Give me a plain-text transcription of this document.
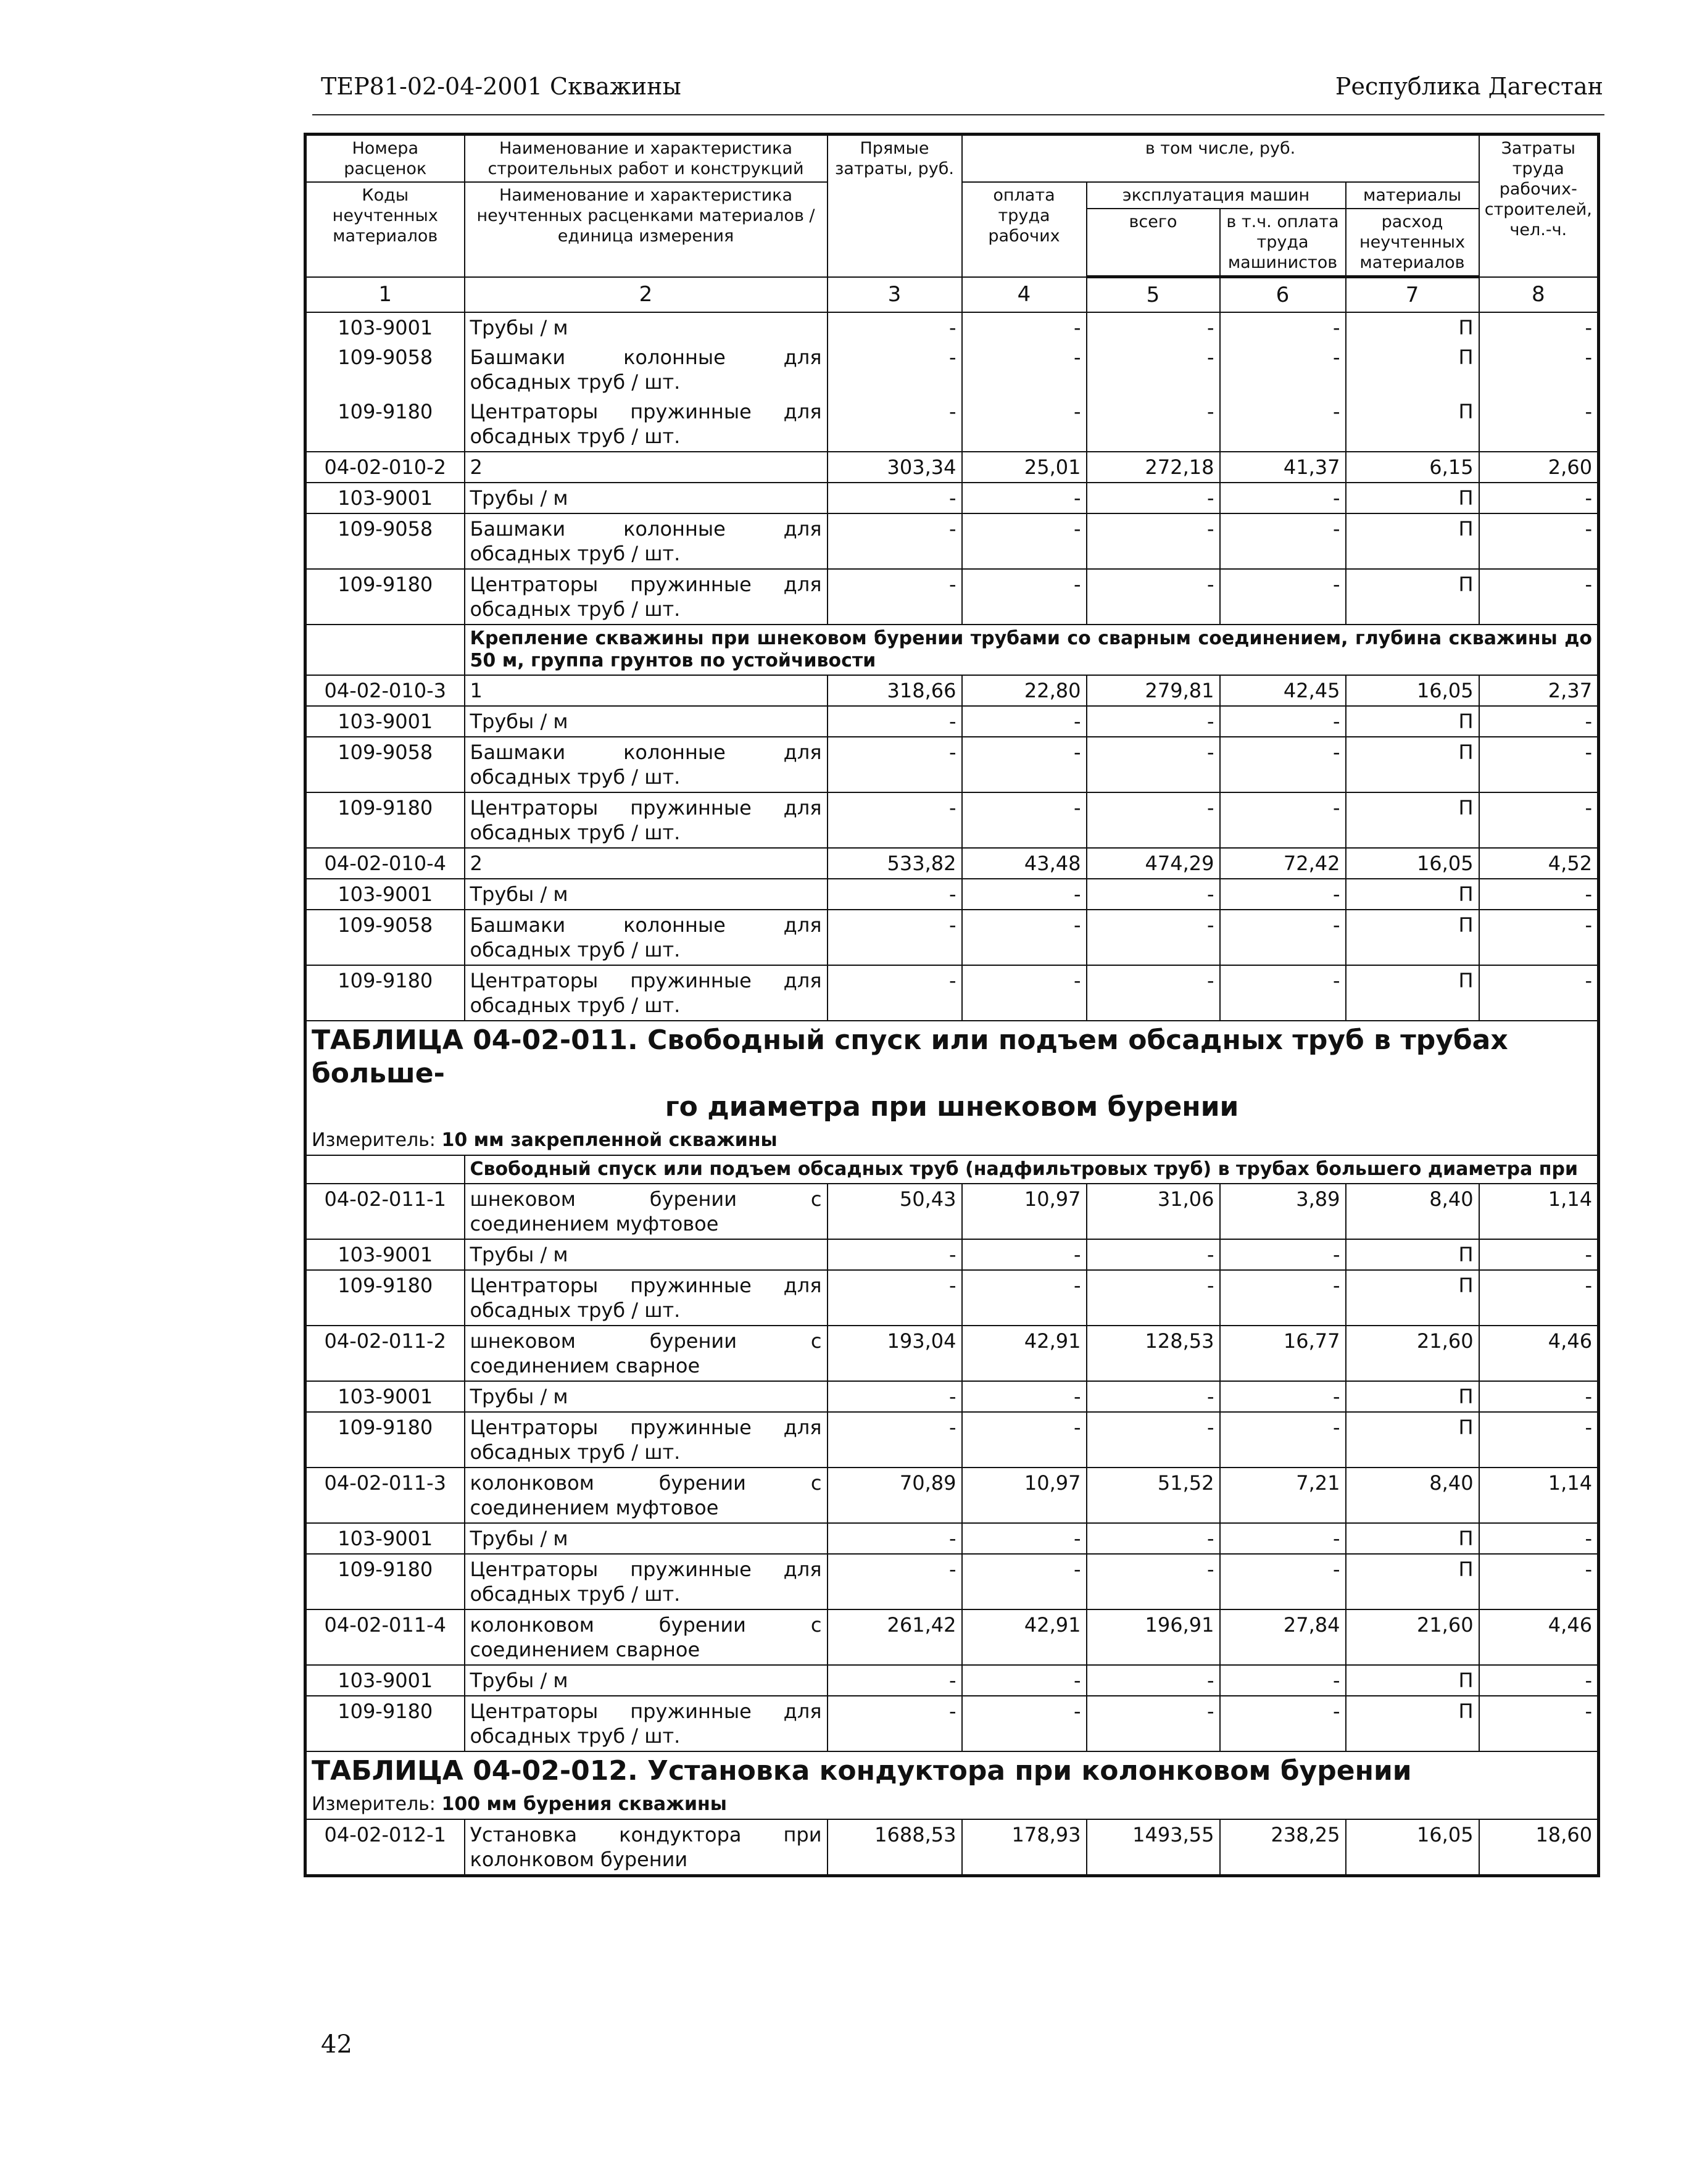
ТЕР81-02-04-2001 Скважины	Республика Дагестан
Номера расценок	Наименование и характеристика строительных работ и конструкций	Прямые затраты, руб.	в том числе, руб.				Затраты труда рабочих-строителей, чел.-ч.
Коды неучтенных материалов	Наименование и характеристика неучтенных расценками материалов / единица измерения		оплата труда рабочих	эксплуатация машин		материалы	
				всего	в т.ч. оплата труда машинистов	расход неучтенных материалов	
1	2	3	4	5	6	7	8
103-9001	Трубы / м	-	-	-	-	П	-
109-9058	Башмаки колонные для обсадных труб / шт.	-	-	-	-	П	-
109-9180	Центраторы пружинные для обсадных труб / шт.	-	-	-	-	П	-
04-02-010-2	2	303,34	25,01	272,18	41,37	6,15	2,60
103-9001	Трубы / м	-	-	-	-	П	-
109-9058	Башмаки колонные для обсадных труб / шт.	-	-	-	-	П	-
109-9180	Центраторы пружинные для обсадных труб / шт.	-	-	-	-	П	-
	Крепление скважины при шнековом бурении трубами со сварным соединением, глубина скважины до 50 м, группа грунтов по устойчивости						
04-02-010-3	1	318,66	22,80	279,81	42,45	16,05	2,37
103-9001	Трубы / м	-	-	-	-	П	-
109-9058	Башмаки колонные для обсадных труб / шт.	-	-	-	-	П	-
109-9180	Центраторы пружинные для обсадных труб / шт.	-	-	-	-	П	-
04-02-010-4	2	533,82	43,48	474,29	72,42	16,05	4,52
103-9001	Трубы / м	-	-	-	-	П	-
109-9058	Башмаки колонные для обсадных труб / шт.	-	-	-	-	П	-
109-9180	Центраторы пружинные для обсадных труб / шт.	-	-	-	-	П	-
ТАБЛИЦА 04-02-011. Свободный спуск или подъем обсадных труб в трубах больше-
го диаметра при шнековом бурении							

Измеритель: 10 мм закрепленной скважины							
	Свободный спуск или подъем обсадных труб (надфильтровых труб) в трубах большего диаметра при						
04-02-011-1	шнековом бурении с соединением муфтовое	50,43	10,97	31,06	3,89	8,40	1,14
103-9001	Трубы / м	-	-	-	-	П	-
109-9180	Центраторы пружинные для обсадных труб / шт.	-	-	-	-	П	-
04-02-011-2	шнековом бурении с соединением сварное	193,04	42,91	128,53	16,77	21,60	4,46
103-9001	Трубы / м	-	-	-	-	П	-
109-9180	Центраторы пружинные для обсадных труб / шт.	-	-	-	-	П	-
04-02-011-3	колонковом бурении с соединением муфтовое	70,89	10,97	51,52	7,21	8,40	1,14
103-9001	Трубы / м	-	-	-	-	П	-
109-9180	Центраторы пружинные для обсадных труб / шт.	-	-	-	-	П	-
04-02-011-4	колонковом бурении с соединением сварное	261,42	42,91	196,91	27,84	21,60	4,46
103-9001	Трубы / м	-	-	-	-	П	-
109-9180	Центраторы пружинные для обсадных труб / шт.	-	-	-	-	П	-
ТАБЛИЦА 04-02-012. Установка кондуктора при колонковом бурении							
Измеритель: 100 мм бурения скважины							
04-02-012-1	Установка кондуктора при колонковом бурении	1688,53	178,93	1493,55	238,25	16,05	18,60
42
